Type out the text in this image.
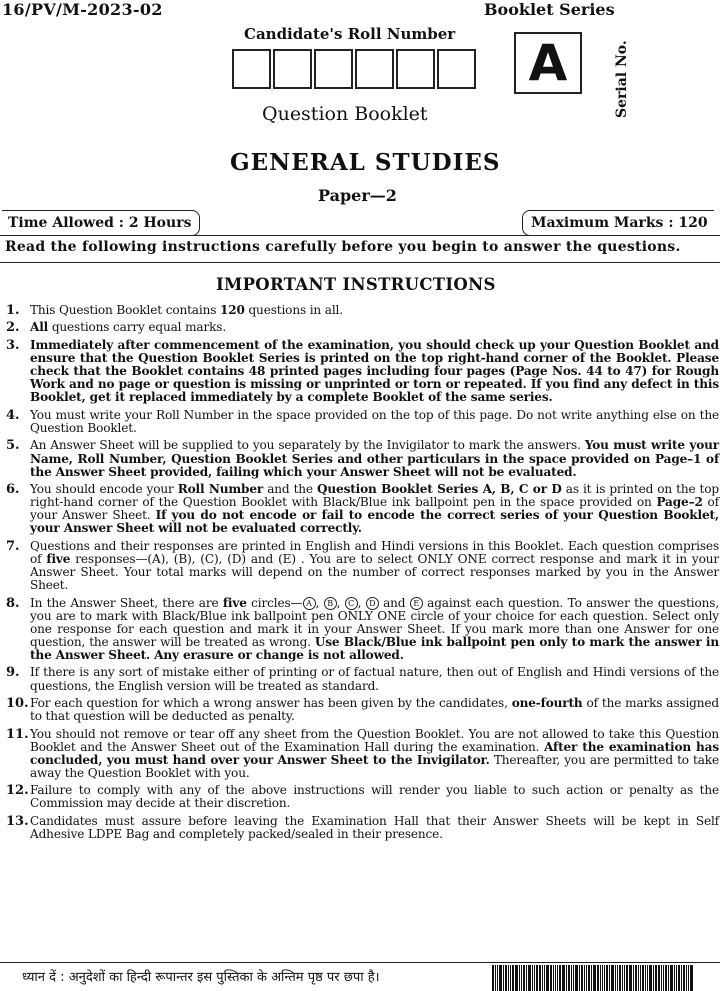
16/PV/M-2023-02	Booklet Series
Candidate's Roll Number A	Serial No.
Question Booklet
GENERAL STUDIES
Paper—2
Time Allowed : 2 Hours	Maximum Marks : 120
Read the following instructions carefully before you begin to answer the questions.
IMPORTANT INSTRUCTIONS
1. This Question Booklet contains 120 questions in all.
2. All questions carry equal marks.
3. Immediately after commencement of the examination, you should check up your Question Booklet and ensure that the Question Booklet Series is printed on the top right-hand corner of the Booklet. Please check that the Booklet contains 48 printed pages including four pages (Page Nos. 44 to 47) for Rough Work and no page or question is missing or unprinted or torn or repeated. If you find any defect in this Booklet, get it replaced immediately by a complete Booklet of the same series.
4. You must write your Roll Number in the space provided on the top of this page. Do not write anything else on the Question Booklet.
5. An Answer Sheet will be supplied to you separately by the Invigilator to mark the answers. You must write your Name, Roll Number, Question Booklet Series and other particulars in the space provided on Page–1 of the Answer Sheet provided, failing which your Answer Sheet will not be evaluated.
6. You should encode your Roll Number and the Question Booklet Series A, B, C or D as it is printed on the top right-hand corner of the Question Booklet with Black/Blue ink ballpoint pen in the space provided on Page–2 of your Answer Sheet. If you do not encode or fail to encode the correct series of your Question Booklet, your Answer Sheet will not be evaluated correctly.
7. Questions and their responses are printed in English and Hindi versions in this Booklet. Each question comprises of five responses—(A), (B), (C), (D) and (E) . You are to select ONLY ONE correct response and mark it in your Answer Sheet. Your total marks will depend on the number of correct responses marked by you in the Answer Sheet.
8. In the Answer Sheet, there are five circles— A , B , C , D and E against each question. To answer the questions, you are to mark with Black/Blue ink ballpoint pen ONLY ONE circle of your choice for each question. Select only one response for each question and mark it in your Answer Sheet. If you mark more than one Answer for one question, the answer will be treated as wrong. Use Black/Blue ink ballpoint pen only to mark the answer in the Answer Sheet. Any erasure or change is not allowed.
9. If there is any sort of mistake either of printing or of factual nature, then out of English and Hindi versions of the questions, the English version will be treated as standard.
10. For each question for which a wrong answer has been given by the candidates, one-fourth of the marks assigned to that question will be deducted as penalty.
11. You should not remove or tear off any sheet from the Question Booklet. You are not allowed to take this Question Booklet and the Answer Sheet out of the Examination Hall during the examination. After the examination has concluded, you must hand over your Answer Sheet to the Invigilator. Thereafter, you are permitted to take away the Question Booklet with you.
12. Failure to comply with any of the above instructions will render you liable to such action or penalty as the Commission may decide at their discretion.
13. Candidates must assure before leaving the Examination Hall that their Answer Sheets will be kept in Self Adhesive LDPE Bag and completely packed/sealed in their presence.
ध्यान दें : अनुदेशों का हिन्दी रूपान्तर इस पुस्तिका के अन्तिम पृष्ठ पर छपा है।
